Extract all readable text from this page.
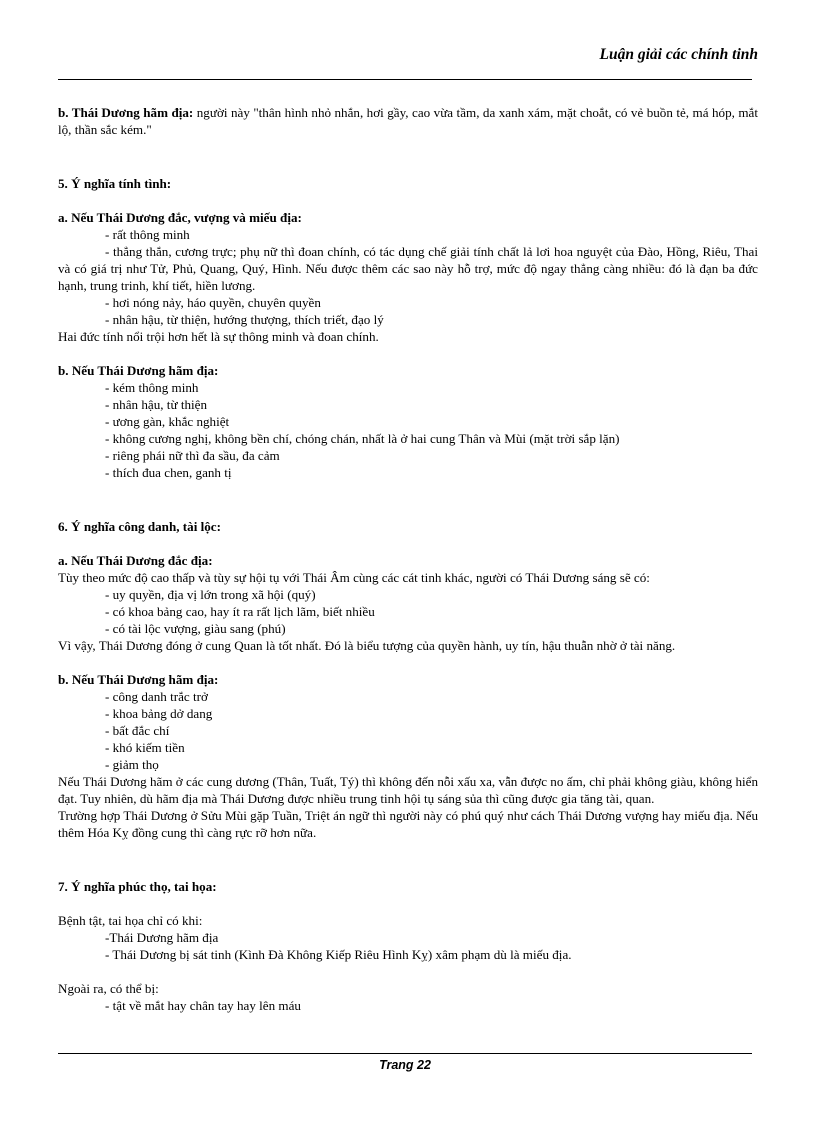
Luận giải các chính tinh

b. Thái Dương hãm địa: người này "thân hình nhỏ nhắn, hơi gầy, cao vừa tầm, da xanh xám, mặt choắt, có vẻ buồn tẻ, má hóp, mắt lộ, thần sắc kém."

5. Ý nghĩa tính tình:

a. Nếu Thái Dương đắc, vượng và miếu địa:

- rất thông minh

- thẳng thắn, cương trực; phụ nữ thì đoan chính, có tác dụng chế giải tính chất lả lơi hoa nguyệt của Đào, Hồng, Riêu, Thai và có giá trị như Tử, Phủ, Quang, Quý, Hình. Nếu được thêm các sao này hỗ trợ, mức độ ngay thẳng càng nhiều: đó là đạn ba đức hạnh, trung trinh, khí tiết, hiền lương.

- hơi nóng nảy, háo quyền, chuyên quyền

- nhân hậu, từ thiện, hướng thượng, thích triết, đạo lý

Hai đức tính nổi trội hơn hết là sự thông minh và đoan chính.

b. Nếu Thái Dương hãm địa:

- kém thông minh

- nhân hậu, từ thiện

- ương gàn, khắc nghiệt

- không cương nghị, không bền chí, chóng chán, nhất là ở hai cung Thân và Mùi (mặt trời sắp lặn)

- riêng phái nữ thì đa sầu, đa cảm

- thích đua chen, ganh tị

6. Ý nghĩa công danh, tài lộc:

a. Nếu Thái Dương đắc địa:

Tùy theo mức độ cao thấp và tùy sự hội tụ với Thái Âm cùng các cát tinh khác, người có Thái Dương sáng sẽ có:

- uy quyền, địa vị lớn trong xã hội (quý)

- có khoa bảng cao, hay ít ra rất lịch lãm, biết nhiều

- có tài lộc vượng, giàu sang (phú)

Vì vậy, Thái Dương đóng ở cung Quan là tốt nhất. Đó là biểu tượng của quyền hành, uy tín, hậu thuẫn nhờ ở tài năng.

b. Nếu Thái Dương hãm địa:

- công danh trắc trở

- khoa bảng dở dang

- bất đắc chí

- khó kiếm tiền

- giảm thọ

Nếu Thái Dương hãm ở các cung dương (Thân, Tuất, Tý) thì không đến nỗi xấu xa, vẫn được no ấm, chỉ phải không giàu, không hiển đạt. Tuy nhiên, dù hãm địa mà Thái Dương được nhiều trung tinh hội tụ sáng sủa thì cũng được gia tăng tài, quan.

Trường hợp Thái Dương ở Sửu Mùi gặp Tuần, Triệt án ngữ thì người này có phú quý như cách Thái Dương vượng hay miếu địa. Nếu thêm Hóa Kỵ đồng cung thì càng rực rỡ hơn nữa.

7. Ý nghĩa phúc thọ, tai họa:

Bệnh tật, tai họa chỉ có khi:

-Thái Dương hãm địa

- Thái Dương bị sát tinh (Kình Đà Không Kiếp Riêu Hình Kỵ) xâm phạm dù là miếu địa.

Ngoài ra, có thể bị:

- tật về mắt hay chân tay hay lên máu

Trang 22
